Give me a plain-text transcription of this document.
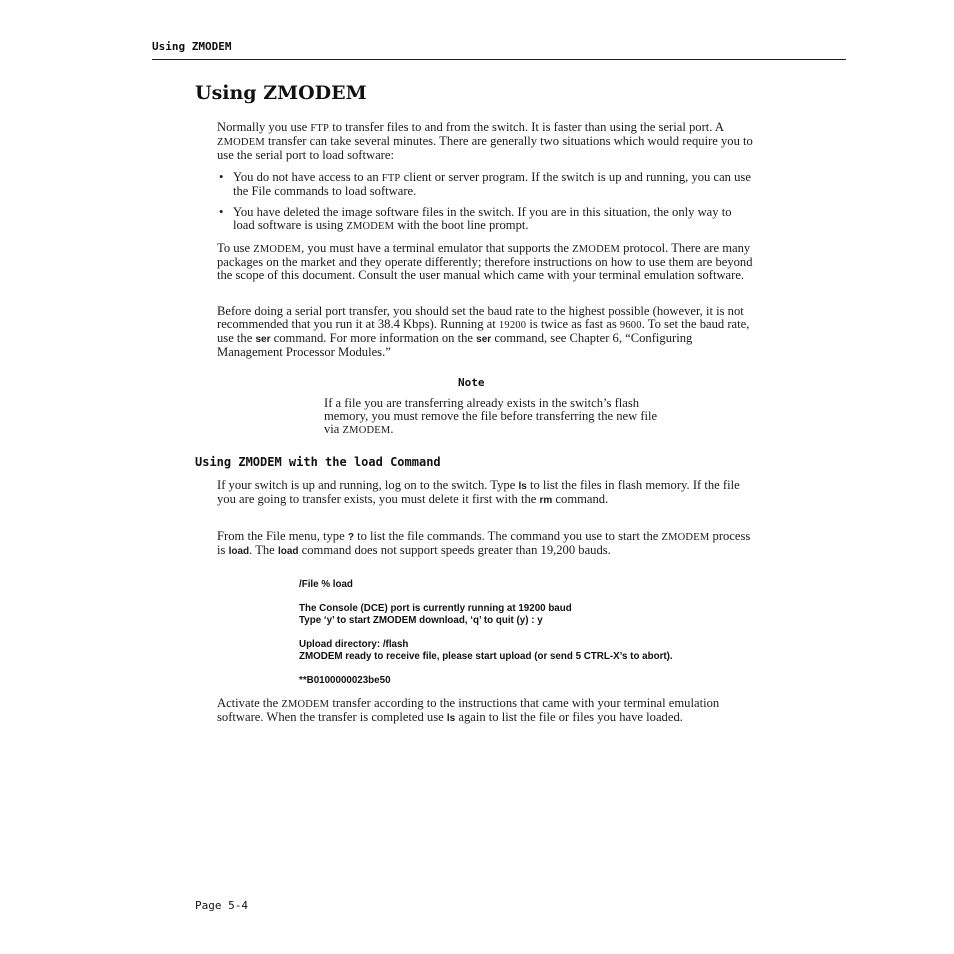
Using ZMODEM
Using ZMODEM

Normally you use FTP to transfer files to and from the switch. It is faster than using the serial port. A ZMODEM transfer can take several minutes. There are generally two situations which would require you to use the serial port to load software:

• You do not have access to an FTP client or server program. If the switch is up and running, you can use the File commands to load software.

• You have deleted the image software files in the switch. If you are in this situation, the only way to load software is using ZMODEM with the boot line prompt.

To use ZMODEM, you must have a terminal emulator that supports the ZMODEM protocol. There are many packages on the market and they operate differently; therefore instructions on how to use them are beyond the scope of this document. Consult the user manual which came with your terminal emulation software.

Before doing a serial port transfer, you should set the baud rate to the highest possible (however, it is not recommended that you run it at 38.4 Kbps). Running at 19200 is twice as fast as 9600. To set the baud rate, use the ser command. For more information on the ser command, see Chapter 6, “Configuring Management Processor Modules.”

Note

If a file you are transferring already exists in the switch’s flash memory, you must remove the file before transferring the new file via ZMODEM.

Using ZMODEM with the load Command

If your switch is up and running, log on to the switch. Type ls to list the files in flash memory. If the file you are going to transfer exists, you must delete it first with the rm command.

From the File menu, type ? to list the file commands. The command you use to start the ZMODEM process is load. The load command does not support speeds greater than 19,200 bauds.

/File % load
The Console (DCE) port is currently running at 19200 baud
Type ‘y’ to start ZMODEM download, ‘q’ to quit (y) : y
Upload directory: /flash
ZMODEM ready to receive file, please start upload (or send 5 CTRL-X’s to abort).
**B0100000023be50

Activate the ZMODEM transfer according to the instructions that came with your terminal emulation software. When the transfer is completed use ls again to list the file or files you have loaded.

Page 5-4
